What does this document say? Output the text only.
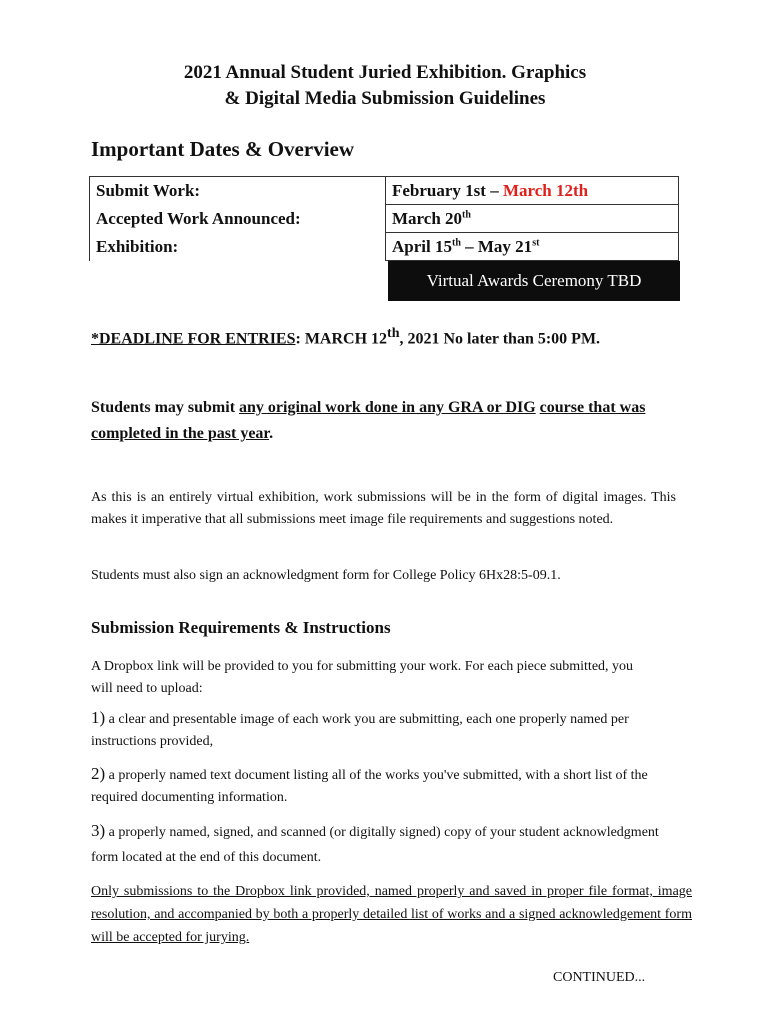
2021 Annual Student Juried Exhibition. Graphics
& Digital Media Submission Guidelines
Important Dates & Overview
Submit Work:	February 1st – March 12th
Accepted Work Announced:	March 20th
Exhibition:	April 15th – May 21st
Virtual Awards Ceremony TBD
*DEADLINE FOR ENTRIES: MARCH 12th, 2021 No later than 5:00 PM.
Students may submit any original work done in any GRA or DIG course that was completed in the past year.
As this is an entirely virtual exhibition, work submissions will be in the form of digital images. This makes it imperative that all submissions meet image file requirements and suggestions noted.
Students must also sign an acknowledgment form for College Policy 6Hx28:5-09.1.
Submission Requirements & Instructions
A Dropbox link will be provided to you for submitting your work. For each piece submitted, you will need to upload:
1) a clear and presentable image of each work you are submitting, each one properly named per instructions provided,
2) a properly named text document listing all of the works you've submitted, with a short list of the required documenting information.
3) a properly named, signed, and scanned (or digitally signed) copy of your student acknowledgment form located at the end of this document.
Only submissions to the Dropbox link provided, named properly and saved in proper file format, image resolution, and accompanied by both a properly detailed list of works and a signed acknowledgement form will be accepted for jurying.
CONTINUED...
